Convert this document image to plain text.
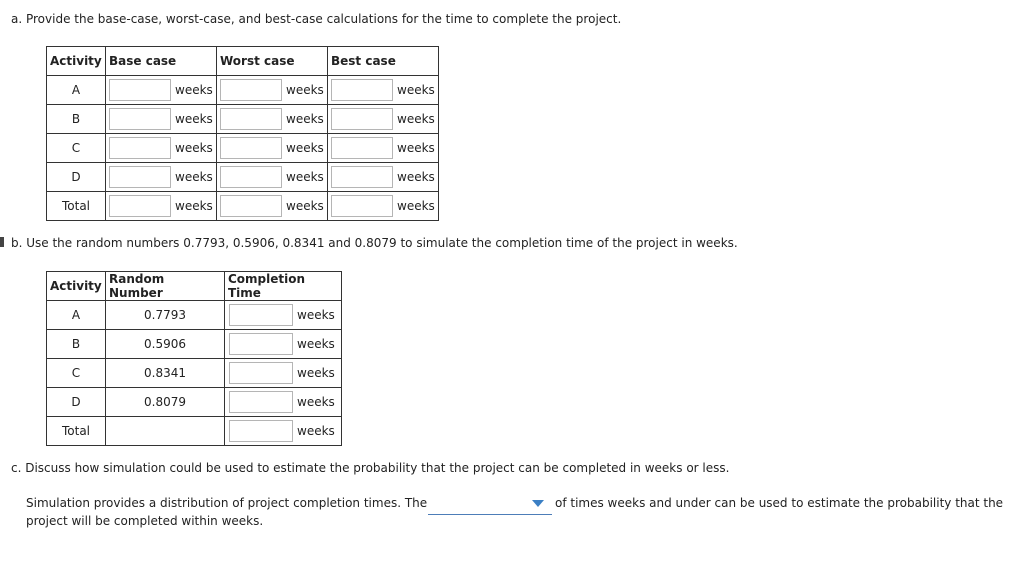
a. Provide the base-case, worst-case, and best-case calculations for the time to complete the project.
Activity	Base case	Worst case	Best case
A	weeks	weeks	weeks

B	weeks	weeks	weeks

C	weeks	weeks	weeks

D	weeks	weeks	weeks

Total	weeks	weeks	weeks
b. Use the random numbers 0.7793, 0.5906, 0.8341 and 0.8079 to simulate the completion time of the project in weeks.
Activity	Random Number	Completion Time
A	0.7793	weeks

B	0.5906	weeks

C	0.8341	weeks

D	0.8079	weeks

Total		weeks
c. Discuss how simulation could be used to estimate the probability that the project can be completed in weeks or less.
Simulation provides a distribution of project completion times. The	of times weeks and under can be used to estimate the probability that the
project will be completed within weeks.
